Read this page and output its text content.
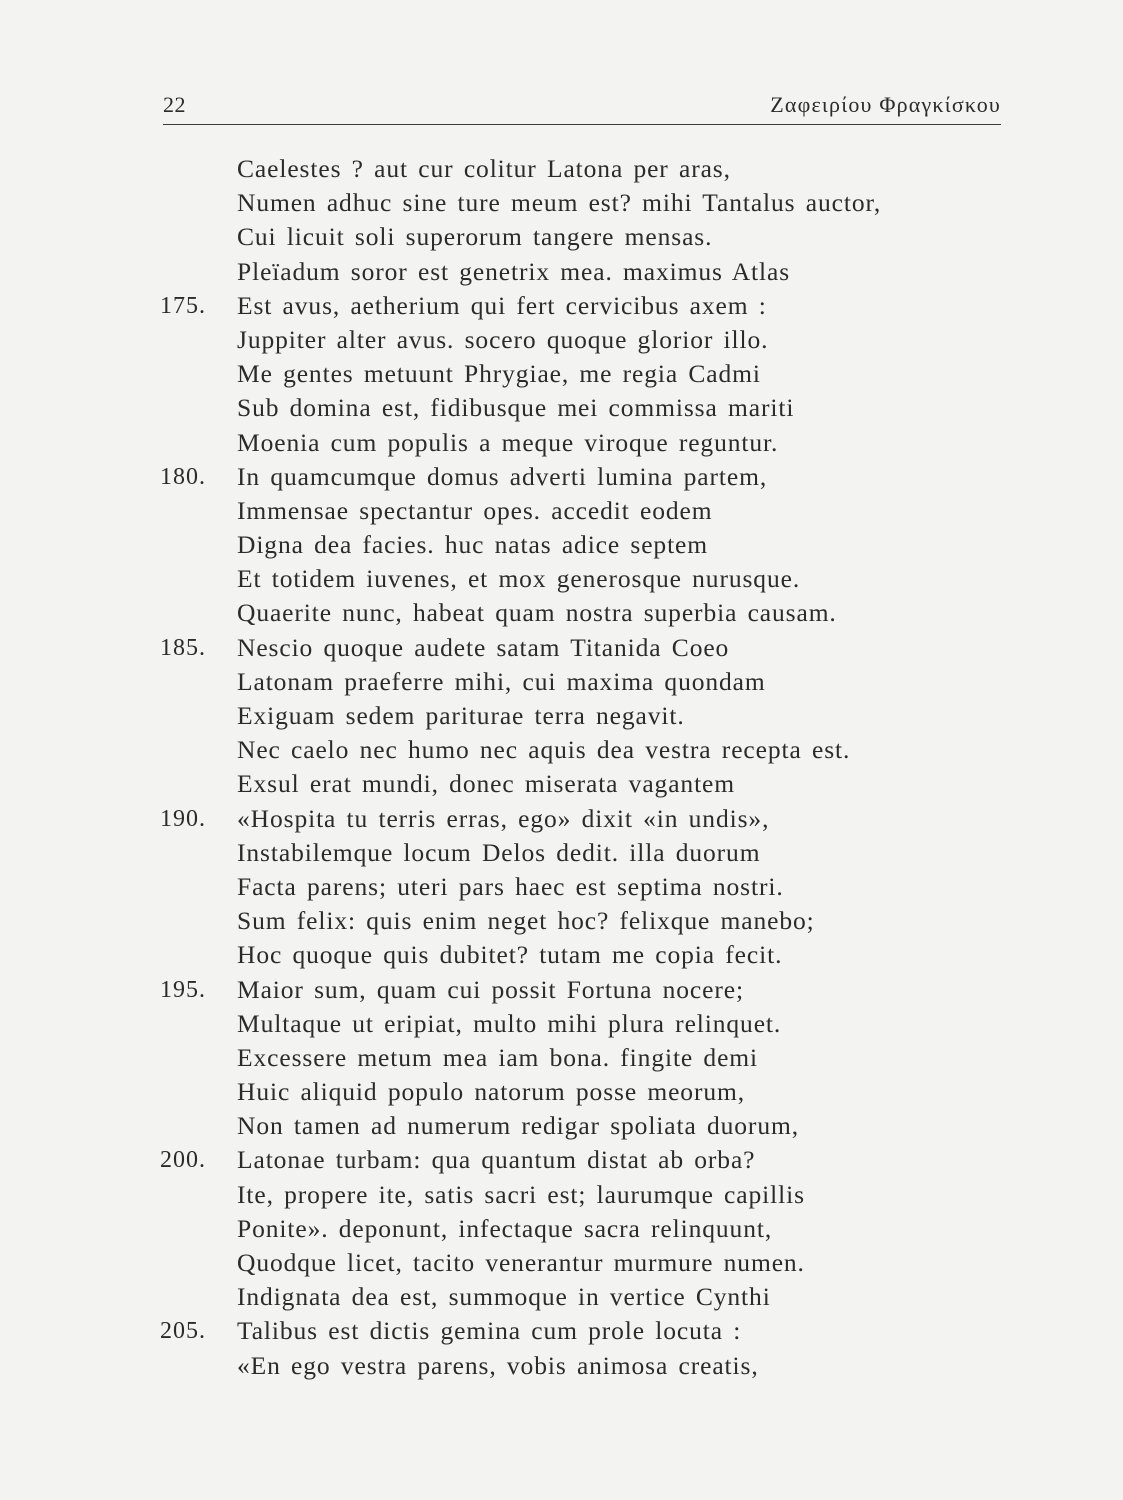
22	Ζαφειρίου Φραγκίσκου
Caelestes ? aut cur colitur Latona per aras,
Numen adhuc sine ture meum est? mihi Tantalus auctor,
Cui licuit soli superorum tangere mensas.
Pleïadum soror est genetrix mea. maximus Atlas
175.	Est avus, aetherium qui fert cervicibus axem :
Juppiter alter avus. socero quoque glorior illo.
Me gentes metuunt Phrygiae, me regia Cadmi
Sub domina est, fidibusque mei commissa mariti
Moenia cum populis a meque viroque reguntur.
180.	In quamcumque domus adverti lumina partem,
Immensae spectantur opes. accedit eodem
Digna dea facies. huc natas adice septem
Et totidem iuvenes, et mox generosque nurusque.
Quaerite nunc, habeat quam nostra superbia causam.
185.	Nescio quoque audete satam Titanida Coeo
Latonam praeferre mihi, cui maxima quondam
Exiguam sedem pariturae terra negavit.
Nec caelo nec humo nec aquis dea vestra recepta est.
Exsul erat mundi, donec miserata vagantem
190.	«Hospita tu terris erras, ego» dixit «in undis»,
Instabilemque locum Delos dedit. illa duorum
Facta parens; uteri pars haec est septima nostri.
Sum felix: quis enim neget hoc? felixque manebo;
Hoc quoque quis dubitet? tutam me copia fecit.
195.	Maior sum, quam cui possit Fortuna nocere;
Multaque ut eripiat, multo mihi plura relinquet.
Excessere metum mea iam bona. fingite demi
Huic aliquid populo natorum posse meorum,
Non tamen ad numerum redigar spoliata duorum,
200.	Latonae turbam: qua quantum distat ab orba?
Ite, propere ite, satis sacri est; laurumque capillis
Ponite». deponunt, infectaque sacra relinquunt,
Quodque licet, tacito venerantur murmure numen.
Indignata dea est, summoque in vertice Cynthi
205.	Talibus est dictis gemina cum prole locuta :
«En ego vestra parens, vobis animosa creatis,
